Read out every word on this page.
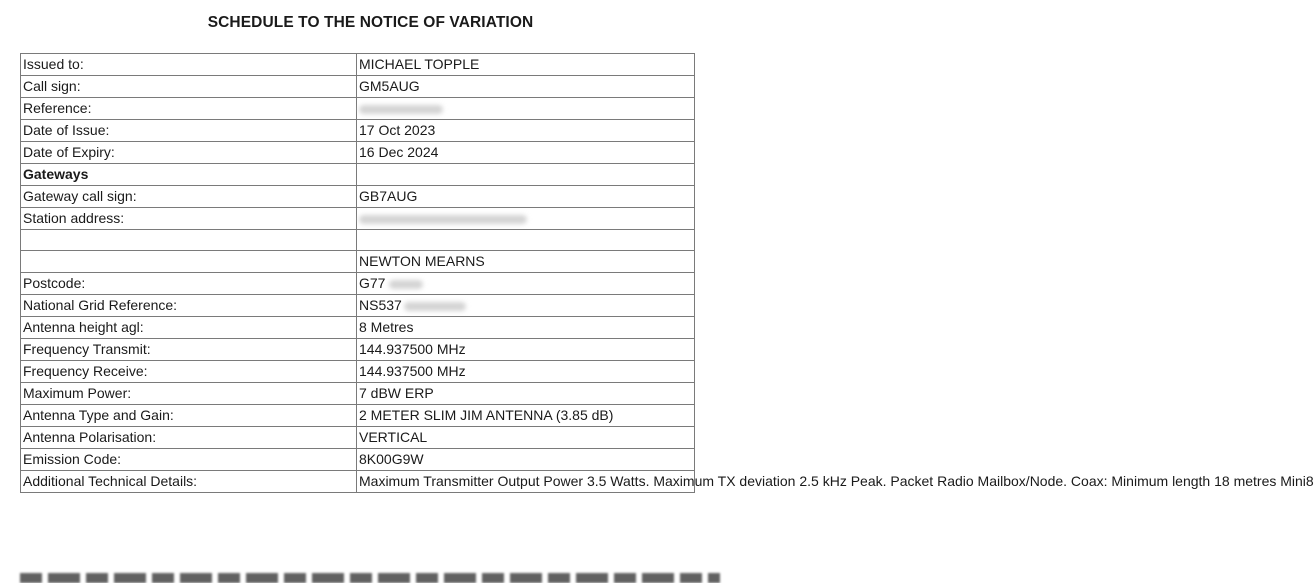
SCHEDULE TO THE NOTICE OF VARIATION
Issued to:	MICHAEL TOPPLE
Call sign:	GM5AUG
Reference:	
Date of Issue:	17 Oct 2023
Date of Expiry:	16 Dec 2024
Gateways	
Gateway call sign:	GB7AUG
Station address:	

	NEWTON MEARNS
Postcode:	G77
National Grid Reference:	NS537
Antenna height agl:	8 Metres
Frequency Transmit:	144.937500 MHz
Frequency Receive:	144.937500 MHz
Maximum Power:	7 dBW ERP
Antenna Type and Gain:	2 METER SLIM JIM ANTENNA (3.85 dB)
Antenna Polarisation:	VERTICAL
Emission Code:	8K00G9W
Additional Technical Details:	Maximum Transmitter Output Power 3.5 Watts. Maximum TX deviation 2.5 kHz Peak. Packet Radio Mailbox/Node. Coax: Minimum length 18 metres Mini8
